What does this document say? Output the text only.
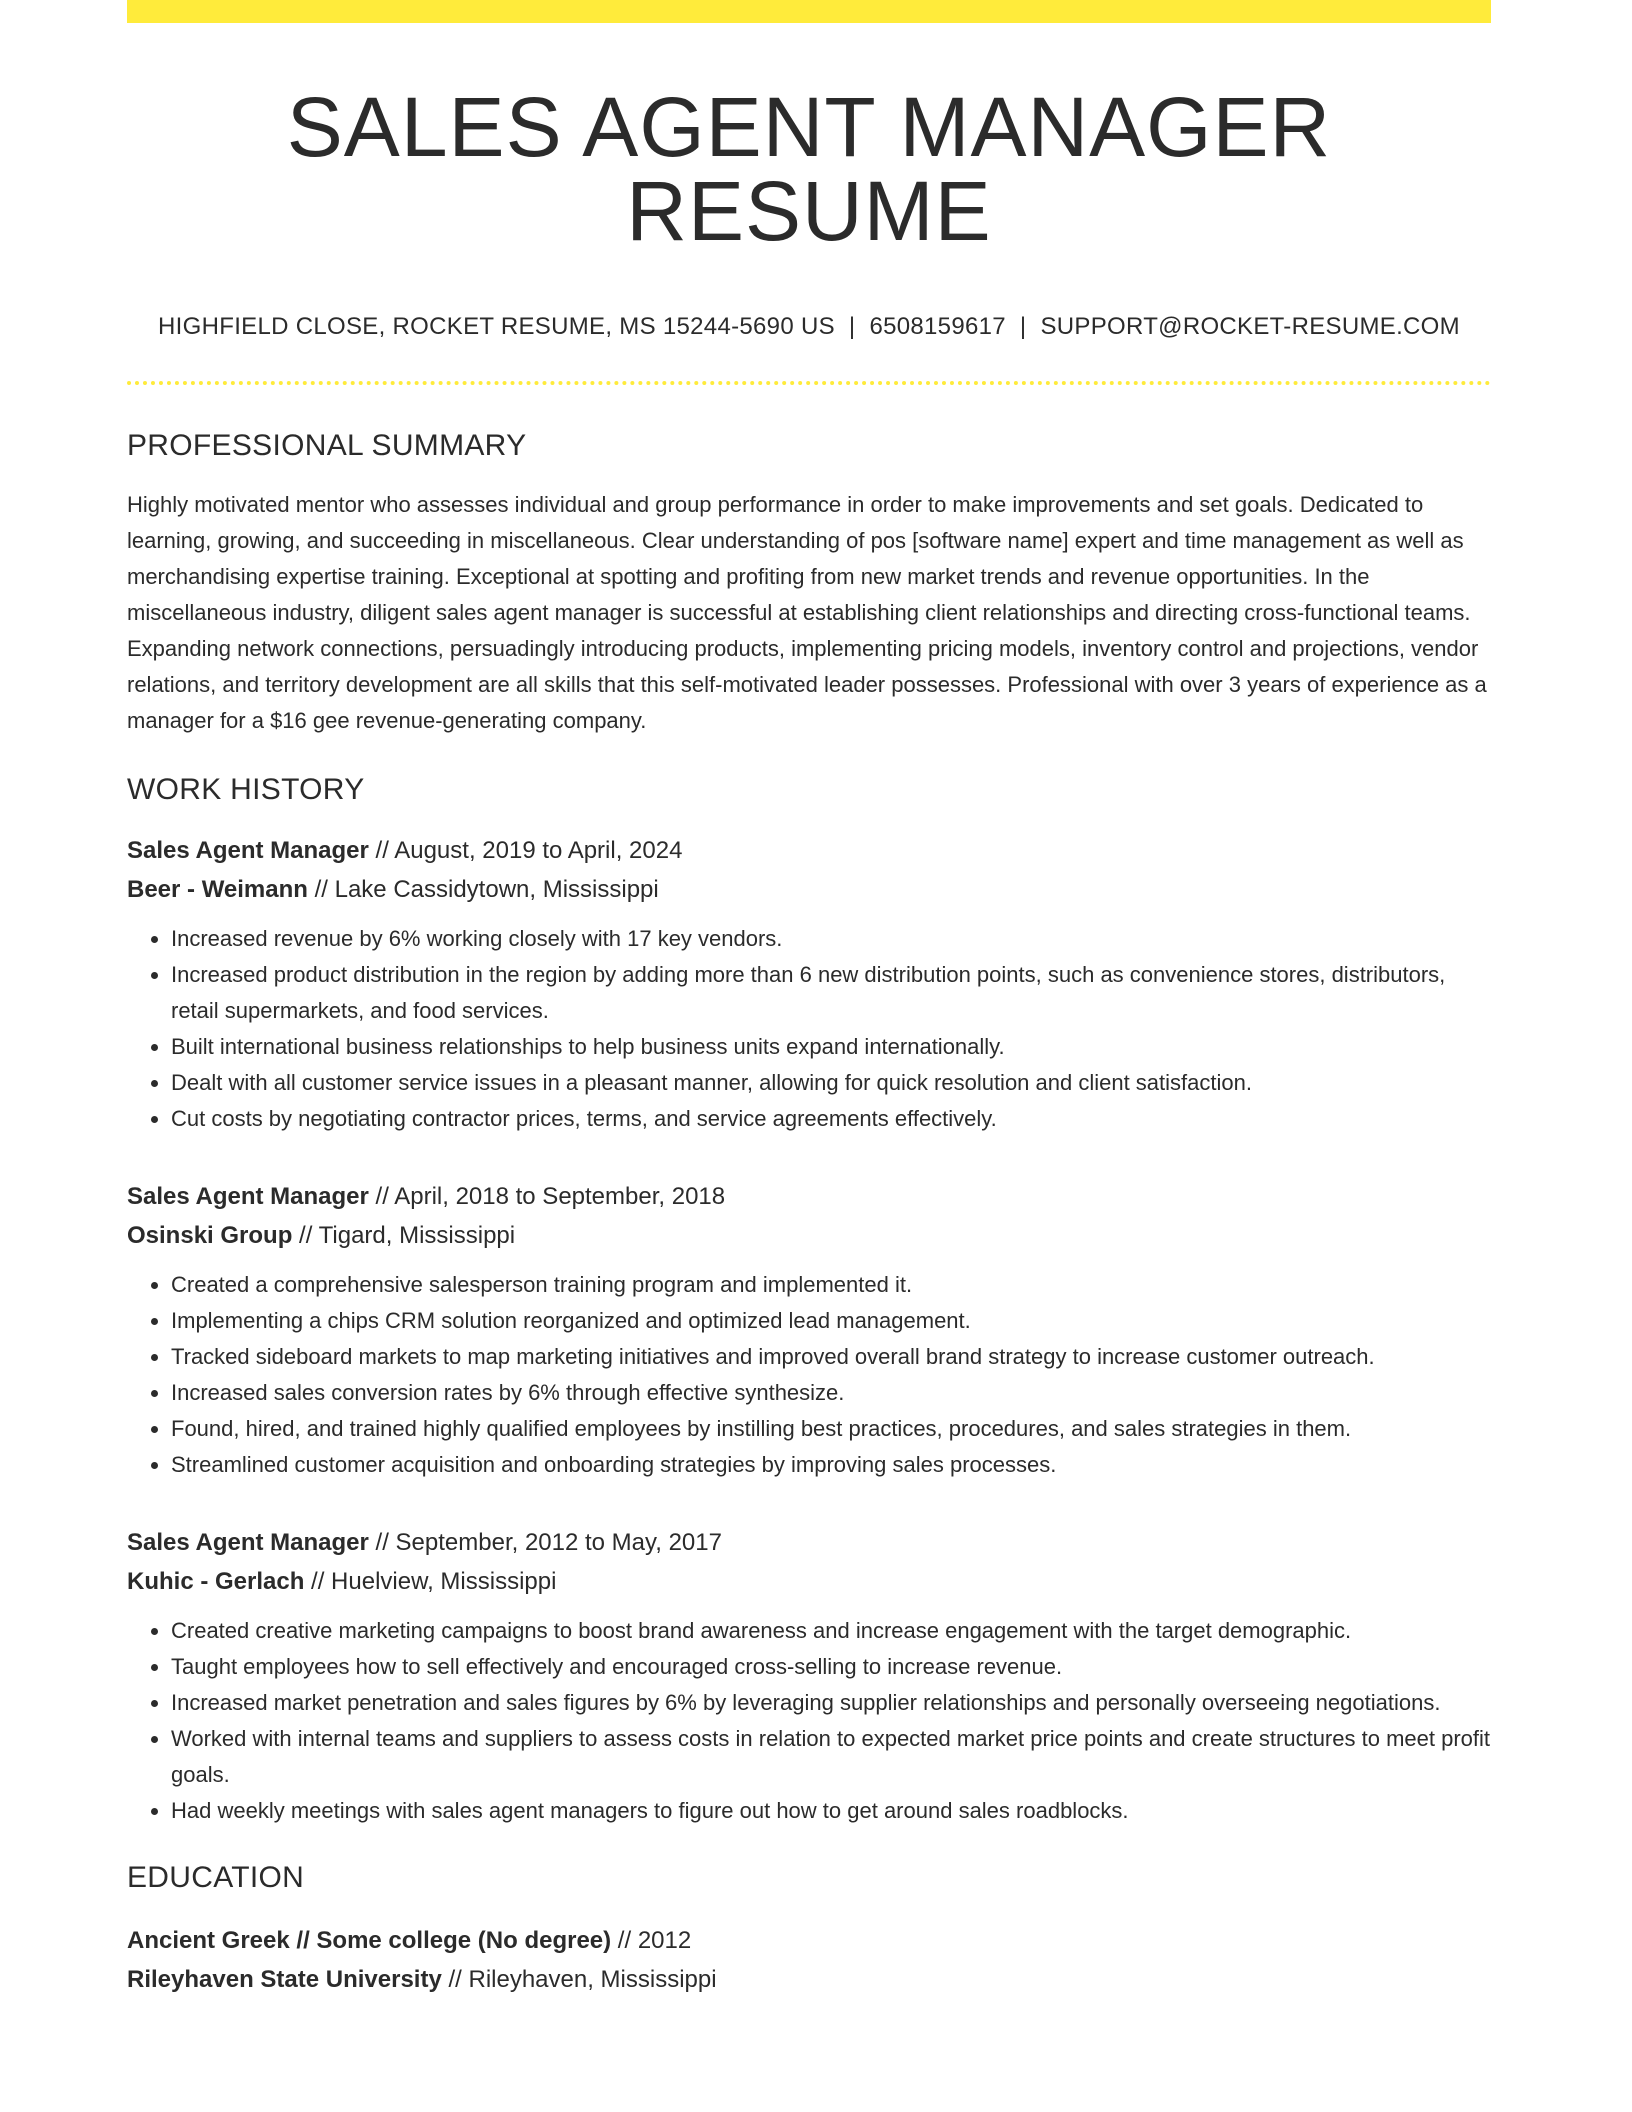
SALES AGENT MANAGER RESUME
HIGHFIELD CLOSE, ROCKET RESUME, MS 15244-5690 US | 6508159617 | SUPPORT@ROCKET-RESUME.COM
PROFESSIONAL SUMMARY
Highly motivated mentor who assesses individual and group performance in order to make improvements and set goals. Dedicated to learning, growing, and succeeding in miscellaneous. Clear understanding of pos [software name] expert and time management as well as merchandising expertise training. Exceptional at spotting and profiting from new market trends and revenue opportunities. In the miscellaneous industry, diligent sales agent manager is successful at establishing client relationships and directing cross-functional teams. Expanding network connections, persuadingly introducing products, implementing pricing models, inventory control and projections, vendor relations, and territory development are all skills that this self-motivated leader possesses. Professional with over 3 years of experience as a manager for a $16 gee revenue-generating company.
WORK HISTORY
Sales Agent Manager // August, 2019 to April, 2024
Beer - Weimann // Lake Cassidytown, Mississippi
• Increased revenue by 6% working closely with 17 key vendors.
• Increased product distribution in the region by adding more than 6 new distribution points, such as convenience stores, distributors, retail supermarkets, and food services.
• Built international business relationships to help business units expand internationally.
• Dealt with all customer service issues in a pleasant manner, allowing for quick resolution and client satisfaction.
• Cut costs by negotiating contractor prices, terms, and service agreements effectively.
Sales Agent Manager // April, 2018 to September, 2018
Osinski Group // Tigard, Mississippi
• Created a comprehensive salesperson training program and implemented it.
• Implementing a chips CRM solution reorganized and optimized lead management.
• Tracked sideboard markets to map marketing initiatives and improved overall brand strategy to increase customer outreach.
• Increased sales conversion rates by 6% through effective synthesize.
• Found, hired, and trained highly qualified employees by instilling best practices, procedures, and sales strategies in them.
• Streamlined customer acquisition and onboarding strategies by improving sales processes.
Sales Agent Manager // September, 2012 to May, 2017
Kuhic - Gerlach // Huelview, Mississippi
• Created creative marketing campaigns to boost brand awareness and increase engagement with the target demographic.
• Taught employees how to sell effectively and encouraged cross-selling to increase revenue.
• Increased market penetration and sales figures by 6% by leveraging supplier relationships and personally overseeing negotiations.
• Worked with internal teams and suppliers to assess costs in relation to expected market price points and create structures to meet profit goals.
• Had weekly meetings with sales agent managers to figure out how to get around sales roadblocks.
EDUCATION
Ancient Greek // Some college (No degree) // 2012
Rileyhaven State University // Rileyhaven, Mississippi
